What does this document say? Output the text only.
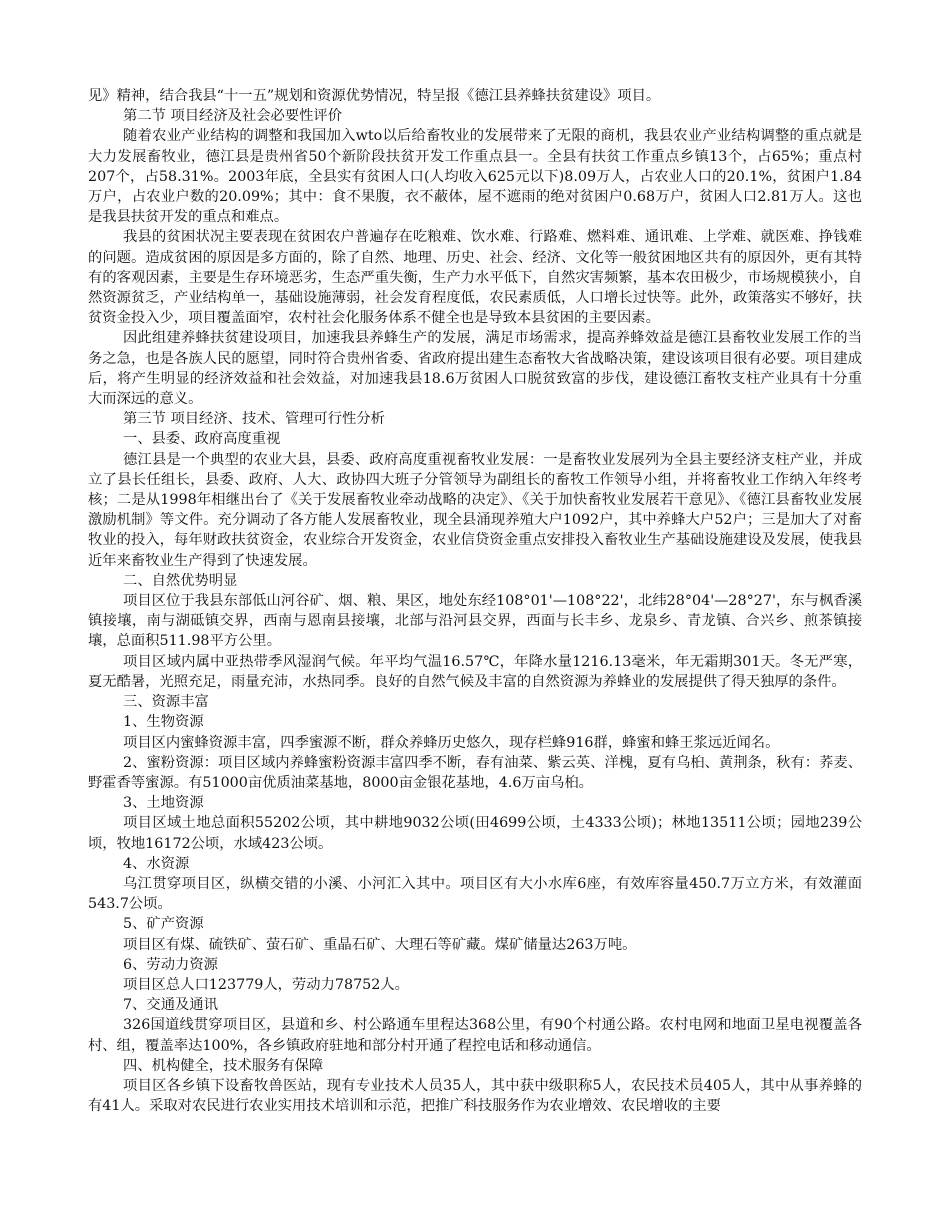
见》精神，结合我县“十一五”规划和资源优势情况，特呈报《德江县养蜂扶贫建设》项目。

第二节 项目经济及社会必要性评价

随着农业产业结构的调整和我国加入wto以后给畜牧业的发展带来了无限的商机，我县农业产业结构调整的重点就是大力发展畜牧业，德江县是贵州省50个新阶段扶贫开发工作重点县一。全县有扶贫工作重点乡镇13个，占65%；重点村207个，占58.31%。2003年底，全县实有贫困人口(人均收入625元以下)8.09万人，占农业人口的20.1%，贫困户1.84万户，占农业户数的20.09%；其中：食不果腹，衣不蔽体，屋不遮雨的绝对贫困户0.68万户，贫困人口2.81万人。这也是我县扶贫开发的重点和难点。

我县的贫困状况主要表现在贫困农户普遍存在吃粮难、饮水难、行路难、燃料难、通讯难、上学难、就医难、挣钱难的问题。造成贫困的原因是多方面的，除了自然、地理、历史、社会、经济、文化等一般贫困地区共有的原因外，更有其特有的客观因素，主要是生存环境恶劣，生态严重失衡，生产力水平低下，自然灾害频繁，基本农田极少，市场规模狭小，自然资源贫乏，产业结构单一，基础设施薄弱，社会发育程度低，农民素质低，人口增长过快等。此外，政策落实不够好，扶贫资金投入少，项目覆盖面窄，农村社会化服务体系不健全也是导致本县贫困的主要因素。

因此组建养蜂扶贫建设项目，加速我县养蜂生产的发展，满足市场需求，提高养蜂效益是德江县畜牧业发展工作的当务之急，也是各族人民的愿望，同时符合贵州省委、省政府提出建生态畜牧大省战略决策，建设该项目很有必要。项目建成后，将产生明显的经济效益和社会效益，对加速我县18.6万贫困人口脱贫致富的步伐，建设德江畜牧支柱产业具有十分重大而深远的意义。

第三节 项目经济、技术、管理可行性分析

一、县委、政府高度重视

德江县是一个典型的农业大县，县委、政府高度重视畜牧业发展：一是畜牧业发展列为全县主要经济支柱产业，并成立了县长任组长，县委、政府、人大、政协四大班子分管领导为副组长的畜牧工作领导小组，并将畜牧业工作纳入年终考核；二是从1998年相继出台了《关于发展畜牧业牵动战略的决定》、《关于加快畜牧业发展若干意见》、《德江县畜牧业发展激励机制》等文件。充分调动了各方能人发展畜牧业，现全县涌现养殖大户1092户，其中养蜂大户52户；三是加大了对畜牧业的投入，每年财政扶贫资金，农业综合开发资金，农业信贷资金重点安排投入畜牧业生产基础设施建设及发展，使我县近年来畜牧业生产得到了快速发展。

二、自然优势明显

项目区位于我县东部低山河谷矿、烟、粮、果区，地处东经108°01'—108°22'，北纬28°04'—28°27'，东与枫香溪镇接壤，南与湖砥镇交界，西南与恩南县接壤，北部与沿河县交界，西面与长丰乡、龙泉乡、青龙镇、合兴乡、煎茶镇接壤，总面积511.98平方公里。

项目区域内属中亚热带季风湿润气候。年平均气温16.57℃，年降水量1216.13毫米，年无霜期301天。冬无严寒，夏无酷暑，光照充足，雨量充沛，水热同季。良好的自然气候及丰富的自然资源为养蜂业的发展提供了得天独厚的条件。

三、资源丰富

1、生物资源

项目区内蜜蜂资源丰富，四季蜜源不断，群众养蜂历史悠久，现存栏蜂916群，蜂蜜和蜂王浆远近闻名。

2、蜜粉资源：项目区域内养蜂蜜粉资源丰富四季不断，春有油菜、紫云英、洋槐，夏有乌桕、黄荆条，秋有：荞麦、野霍香等蜜源。有51000亩优质油菜基地，8000亩金银花基地，4.6万亩乌桕。

3、土地资源

项目区域土地总面积55202公顷，其中耕地9032公顷(田4699公顷，土4333公顷)；林地13511公顷；园地239公顷，牧地16172公顷，水域423公顷。

4、水资源

乌江贯穿项目区，纵横交错的小溪、小河汇入其中。项目区有大小水库6座，有效库容量450.7万立方米，有效灌面543.7公顷。

5、矿产资源

项目区有煤、硫铁矿、萤石矿、重晶石矿、大理石等矿藏。煤矿储量达263万吨。

6、劳动力资源

项目区总人口123779人，劳动力78752人。

7、交通及通讯

326国道线贯穿项目区，县道和乡、村公路通车里程达368公里，有90个村通公路。农村电网和地面卫星电视覆盖各村、组，覆盖率达100%，各乡镇政府驻地和部分村开通了程控电话和移动通信。

四、机构健全，技术服务有保障

项目区各乡镇下设畜牧兽医站，现有专业技术人员35人，其中获中级职称5人，农民技术员405人，其中从事养蜂的有41人。采取对农民进行农业实用技术培训和示范，把推广科技服务作为农业增效、农民增收的主要
